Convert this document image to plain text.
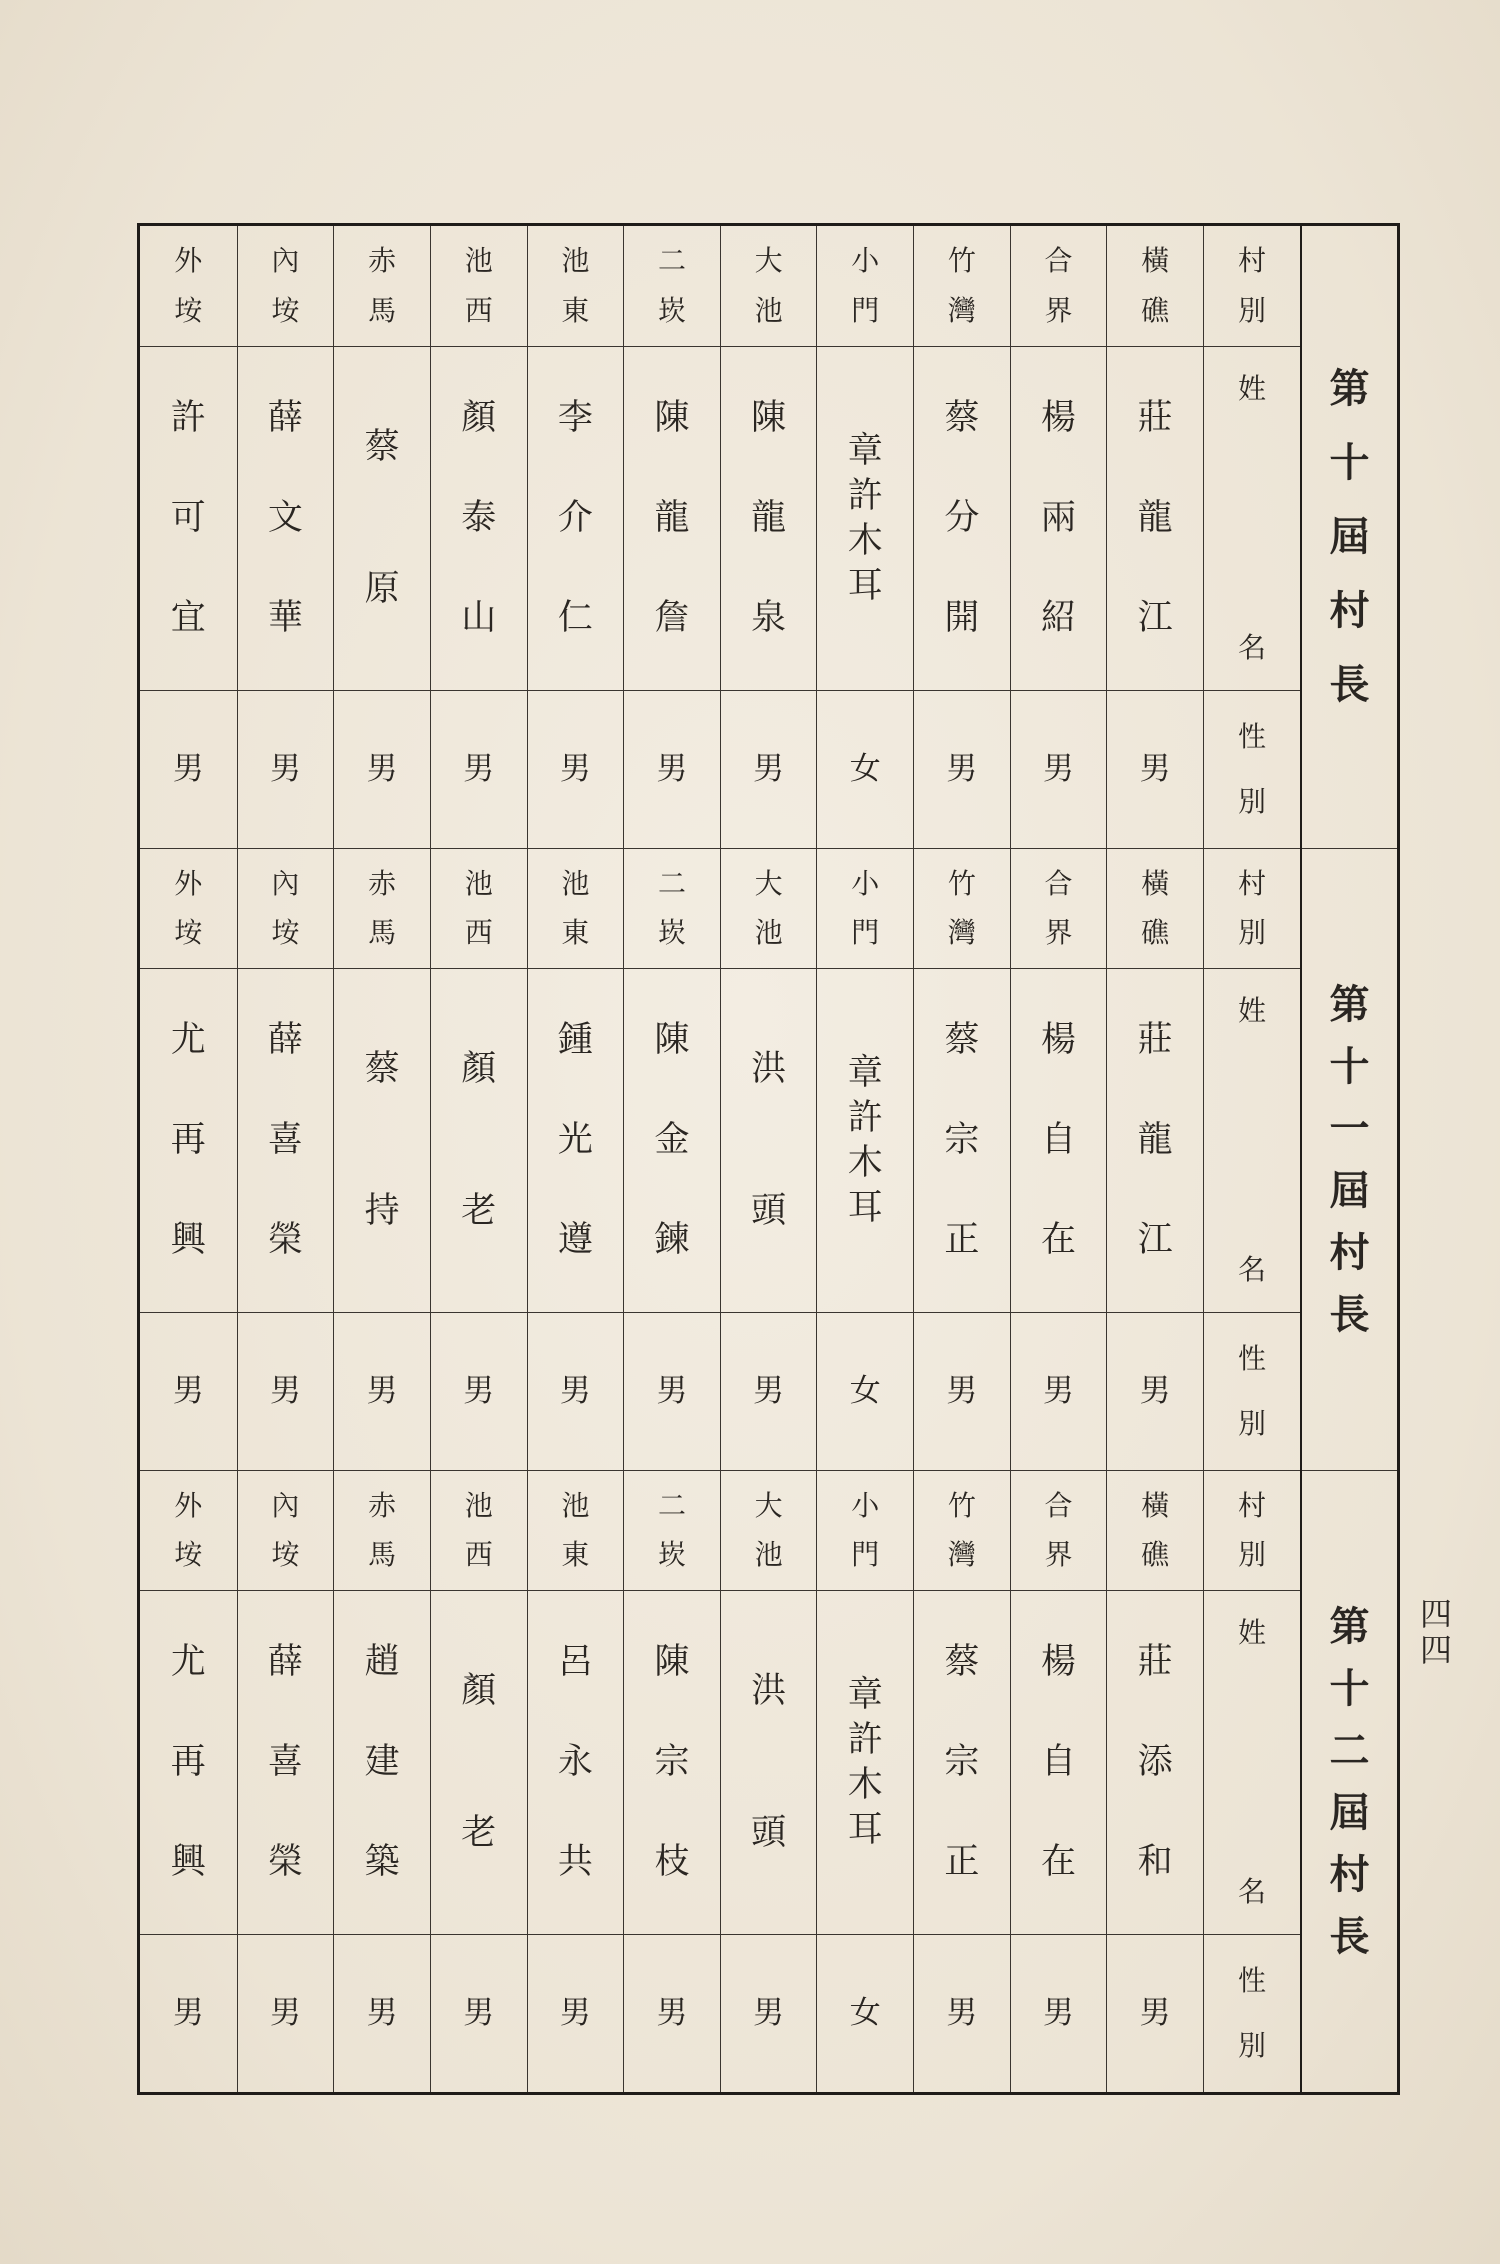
第
十
屆
村
長
第
十
一
屆
村
長
第
十
二
屆
村
長
村
別
姓
名
性
別
村
別
姓
名
性
別
村
別
姓
名
性
別
橫
礁
莊
龍
江
男
橫
礁
莊
龍
江
男
橫
礁
莊
添
和
男
合
界
楊
兩
紹
男
合
界
楊
自
在
男
合
界
楊
自
在
男
竹
灣
蔡
分
開
男
竹
灣
蔡
宗
正
男
竹
灣
蔡
宗
正
男
小
門
章
許
木
耳
女
小
門
章
許
木
耳
女
小
門
章
許
木
耳
女
大
池
陳
龍
泉
男
大
池
洪
頭
男
大
池
洪
頭
男
二
崁
陳
龍
詹
男
二
崁
陳
金
鍊
男
二
崁
陳
宗
枝
男
池
東
李
介
仁
男
池
東
鍾
光
遵
男
池
東
呂
永
共
男
池
西
顏
泰
山
男
池
西
顏
老
男
池
西
顏
老
男
赤
馬
蔡
原
男
赤
馬
蔡
持
男
赤
馬
趙
建
築
男
內
垵
薛
文
華
男
內
垵
薛
喜
榮
男
內
垵
薛
喜
榮
男
外
垵
許
可
宜
男
外
垵
尤
再
興
男
外
垵
尤
再
興
男
四
四
